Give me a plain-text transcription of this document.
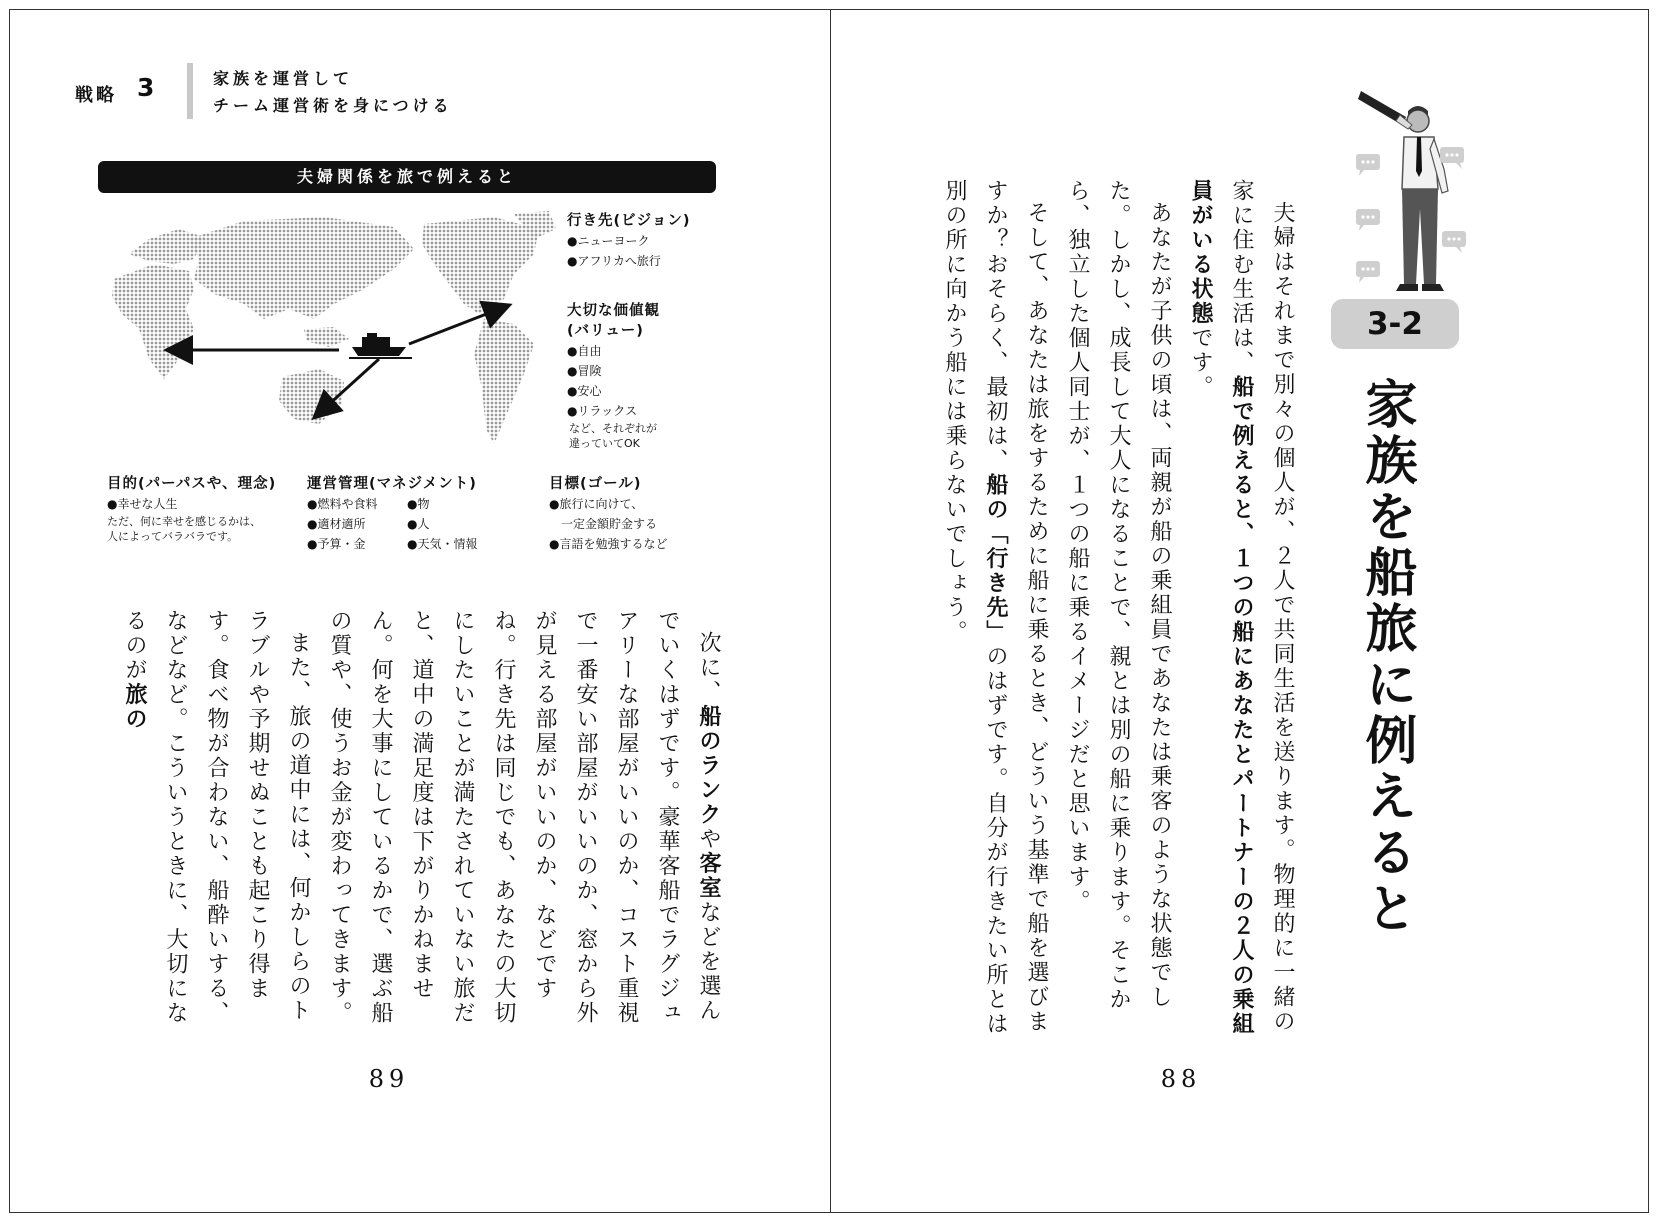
戦略 3	家族を運営して
チーム運営術を身につける
夫婦関係を旅で例えると
行き先(ビジョン)
●ニューヨーク
●アフリカへ旅行
大切な価値観
(バリュー)
●自由
●冒険
●安心
●リラックス
など、それぞれが
違っていてOK
目的(パーパスや、理念)
●幸せな人生
ただ、何に幸せを感じるかは、
人によってバラバラです。
運営管理(マネジメント)
●燃料や食料	●物
●適材適所	●人
●予算・金	●天気・情報
目標(ゴール)
●旅行に向けて、
一定金額貯金する
●言語を勉強するなど

次に、船のランクや客室などを選んでいくはずです。豪華客船でラグジュアリーな部屋がいいのか、コスト重視で一番安い部屋がいいのか、窓から外が見える部屋がいいのか、などですね。行き先は同じでも、あなたの大切にしたいことが満たされていない旅だと、道中の満足度は下がりかねません。何を大事にしているかで、選ぶ船の質や、使うお金が変わってきます。

また、旅の道中には、何かしらのトラブルや予期せぬことも起こり得ます。食べ物が合わない、船酔いする、などなど。こういうときに、大切になるのが旅の

89
3-2
家族を船旅に例えると

夫婦はそれまで別々の個人が、２人で共同生活を送ります。物理的に一緒の家に住む生活は、船で例えると、１つの船にあなたとパートナーの２人の乗組員がいる状態です。

あなたが子供の頃は、両親が船の乗組員であなたは乗客のような状態でした。しかし、成長して大人になることで、親とは別の船に乗ります。そこから、独立した個人同士が、１つの船に乗るイメージだと思います。

そして、あなたは旅をするために船に乗るとき、どういう基準で船を選びますか？おそらく、最初は、船の「行き先」のはずです。自分が行きたい所とは別の所に向かう船には乗らないでしょう。

88
